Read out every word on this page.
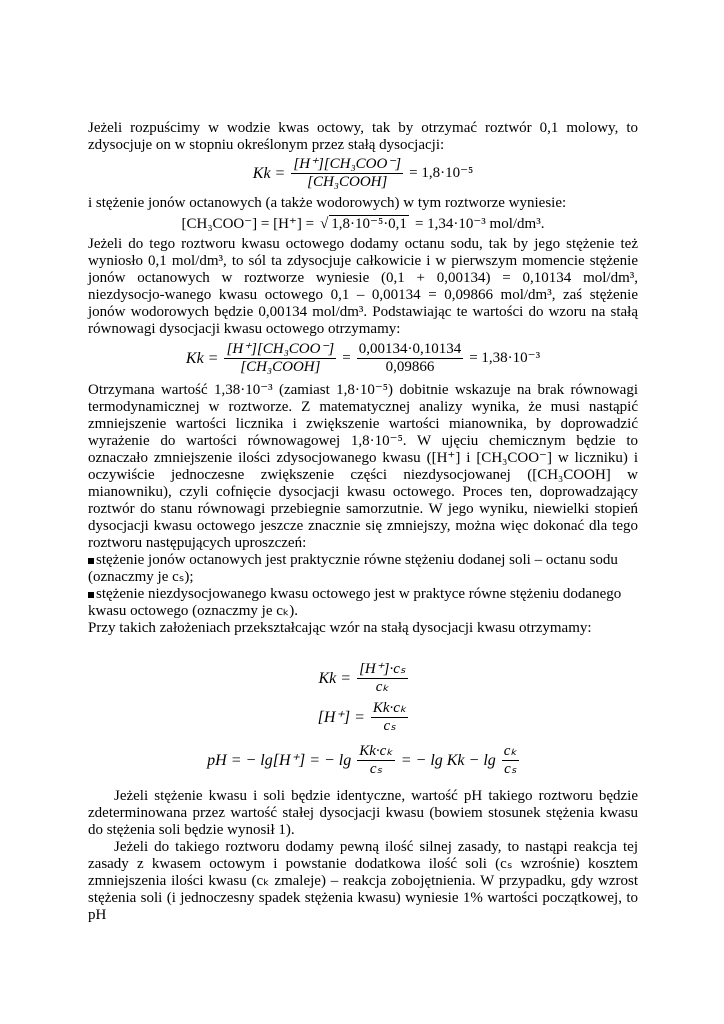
Jeżeli rozpuścimy w wodzie kwas octowy, tak by otrzymać roztwór 0,1 molowy, to zdysocjuje on w stopniu określonym przez stałą dysocjacji:

$Kk = \frac{\text{[H⁺][CH₃COO⁻]}}{\text{[CH₃COOH]}} = 1,8\cdot 10^{-5}$

i stężenie jonów octanowych (a także wodorowych) w tym roztworze wyniesie:

[CH₃COO⁻] = [H⁺] = √ 1,8·10⁻⁵·0,1 = 1,34·10⁻³ mol/dm³.

Jeżeli do tego roztworu kwasu octowego dodamy octanu sodu, tak by jego stężenie też wyniosło 0,1 mol/dm³, to sól ta zdysocjuje całkowicie i w pierwszym momencie stężenie jonów octanowych w roztworze wyniesie (0,1 + 0,00134) = 0,10134 mol/dm³, niezdysocjo-wanego kwasu octowego 0,1 – 0,00134 = 0,09866 mol/dm³, zaś stężenie jonów wodorowych będzie 0,00134 mol/dm³. Podstawiając te wartości do wzoru na stałą równowagi dysocjacji kwasu octowego otrzymamy:

$Kk = \frac{\text{[H⁺][CH₃COO⁻]}}{\text{[CH₃COOH]}} = \frac{0,00134\cdot 0,10134}{0,09866} = 1,38\cdot 10^{-3}$

Otrzymana wartość 1,38·10⁻³ (zamiast 1,8·10⁻⁵) dobitnie wskazuje na brak równowagi termodynamicznej w roztworze. Z matematycznej analizy wynika, że musi nastąpić zmniejszenie wartości licznika i zwiększenie wartości mianownika, by doprowadzić wyrażenie do wartości równowagowej 1,8·10⁻⁵. W ujęciu chemicznym będzie to oznaczało zmniejszenie ilości zdysocjowanego kwasu ([H⁺] i [CH₃COO⁻] w liczniku) i oczywiście jednoczesne zwiększenie części niezdysocjowanej ([CH₃COOH] w mianowniku), czyli cofnięcie dysocjacji kwasu octowego. Proces ten, doprowadzający roztwór do stanu równowagi przebiegnie samorzutnie. W jego wyniku, niewielki stopień dysocjacji kwasu octowego jeszcze znacznie się zmniejszy, można więc dokonać dla tego roztworu następujących uproszczeń:

stężenie jonów octanowych jest praktycznie równe stężeniu dodanej soli – octanu sodu (oznaczmy je cₛ);

stężenie niezdysocjowanego kwasu octowego jest w praktyce równe stężeniu dodanego kwasu octowego (oznaczmy je cₖ).

Przy takich założeniach przekształcając wzór na stałą dysocjacji kwasu otrzymamy:

$Kk = \frac{\text{[H⁺]·cₛ}}{\text{cₖ}}$
$[H^+] = \frac{\text{Kk·cₖ}}{\text{cₛ}}$
pH = − lg[H⁺] = − $\lg \frac{\text{Kk·cₖ}}{\text{cₛ}}$ = − $\lg Kk - \lg \frac{\text{cₖ}}{\text{cₛ}}$

Jeżeli stężenie kwasu i soli będzie identyczne, wartość pH takiego roztworu będzie zdeterminowana przez wartość stałej dysocjacji kwasu (bowiem stosunek stężenia kwasu do stężenia soli będzie wynosił 1).

Jeżeli do takiego roztworu dodamy pewną ilość silnej zasady, to nastąpi reakcja tej zasady z kwasem octowym i powstanie dodatkowa ilość soli (cₛ wzrośnie) kosztem zmniejszenia ilości kwasu (cₖ zmaleje) – reakcja zobojętnienia. W przypadku, gdy wzrost stężenia soli (i jednoczesny spadek stężenia kwasu) wyniesie 1% wartości początkowej, to pH
